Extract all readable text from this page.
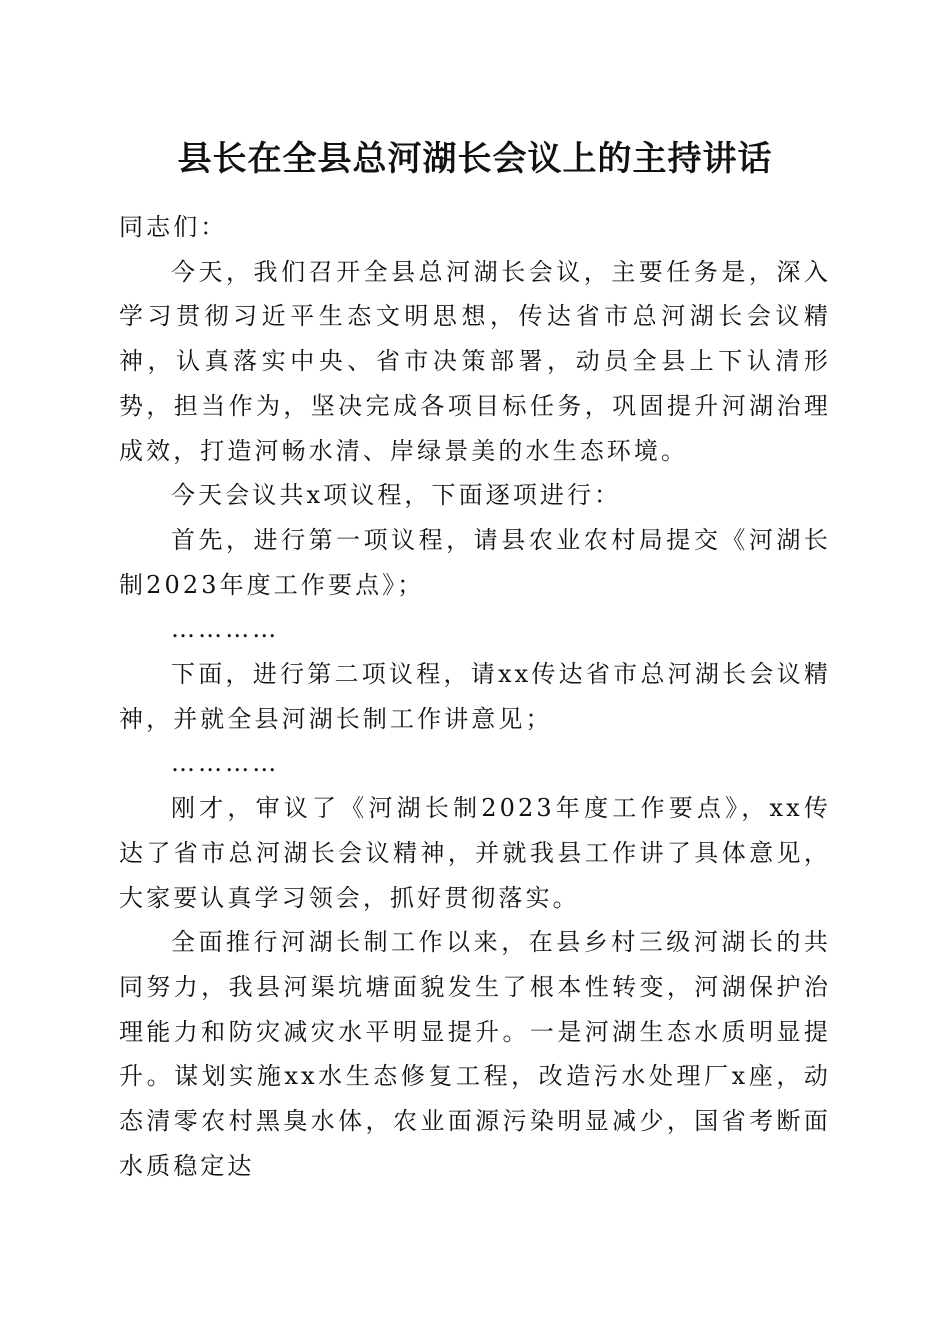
县长在全县总河湖长会议上的主持讲话

同志们：

今天，我们召开全县总河湖长会议，主要任务是，深入学习贯彻习近平生态文明思想，传达省市总河湖长会议精神，认真落实中央、省市决策部署，动员全县上下认清形势，担当作为，坚决完成各项目标任务，巩固提升河湖治理成效，打造河畅水清、岸绿景美的水生态环境。

今天会议共x项议程，下面逐项进行：

首先，进行第一项议程，请县农业农村局提交《河湖长制2023年度工作要点》；

…………

下面，进行第二项议程，请xx传达省市总河湖长会议精神，并就全县河湖长制工作讲意见；

…………

刚才，审议了《河湖长制2023年度工作要点》，xx传达了省市总河湖长会议精神，并就我县工作讲了具体意见，大家要认真学习领会，抓好贯彻落实。

全面推行河湖长制工作以来，在县乡村三级河湖长的共同努力，我县河渠坑塘面貌发生了根本性转变，河湖保护治理能力和防灾减灾水平明显提升。一是河湖生态水质明显提升。谋划实施xx水生态修复工程，改造污水处理厂x座，动态清零农村黑臭水体，农业面源污染明显减少，国省考断面水质稳定达
